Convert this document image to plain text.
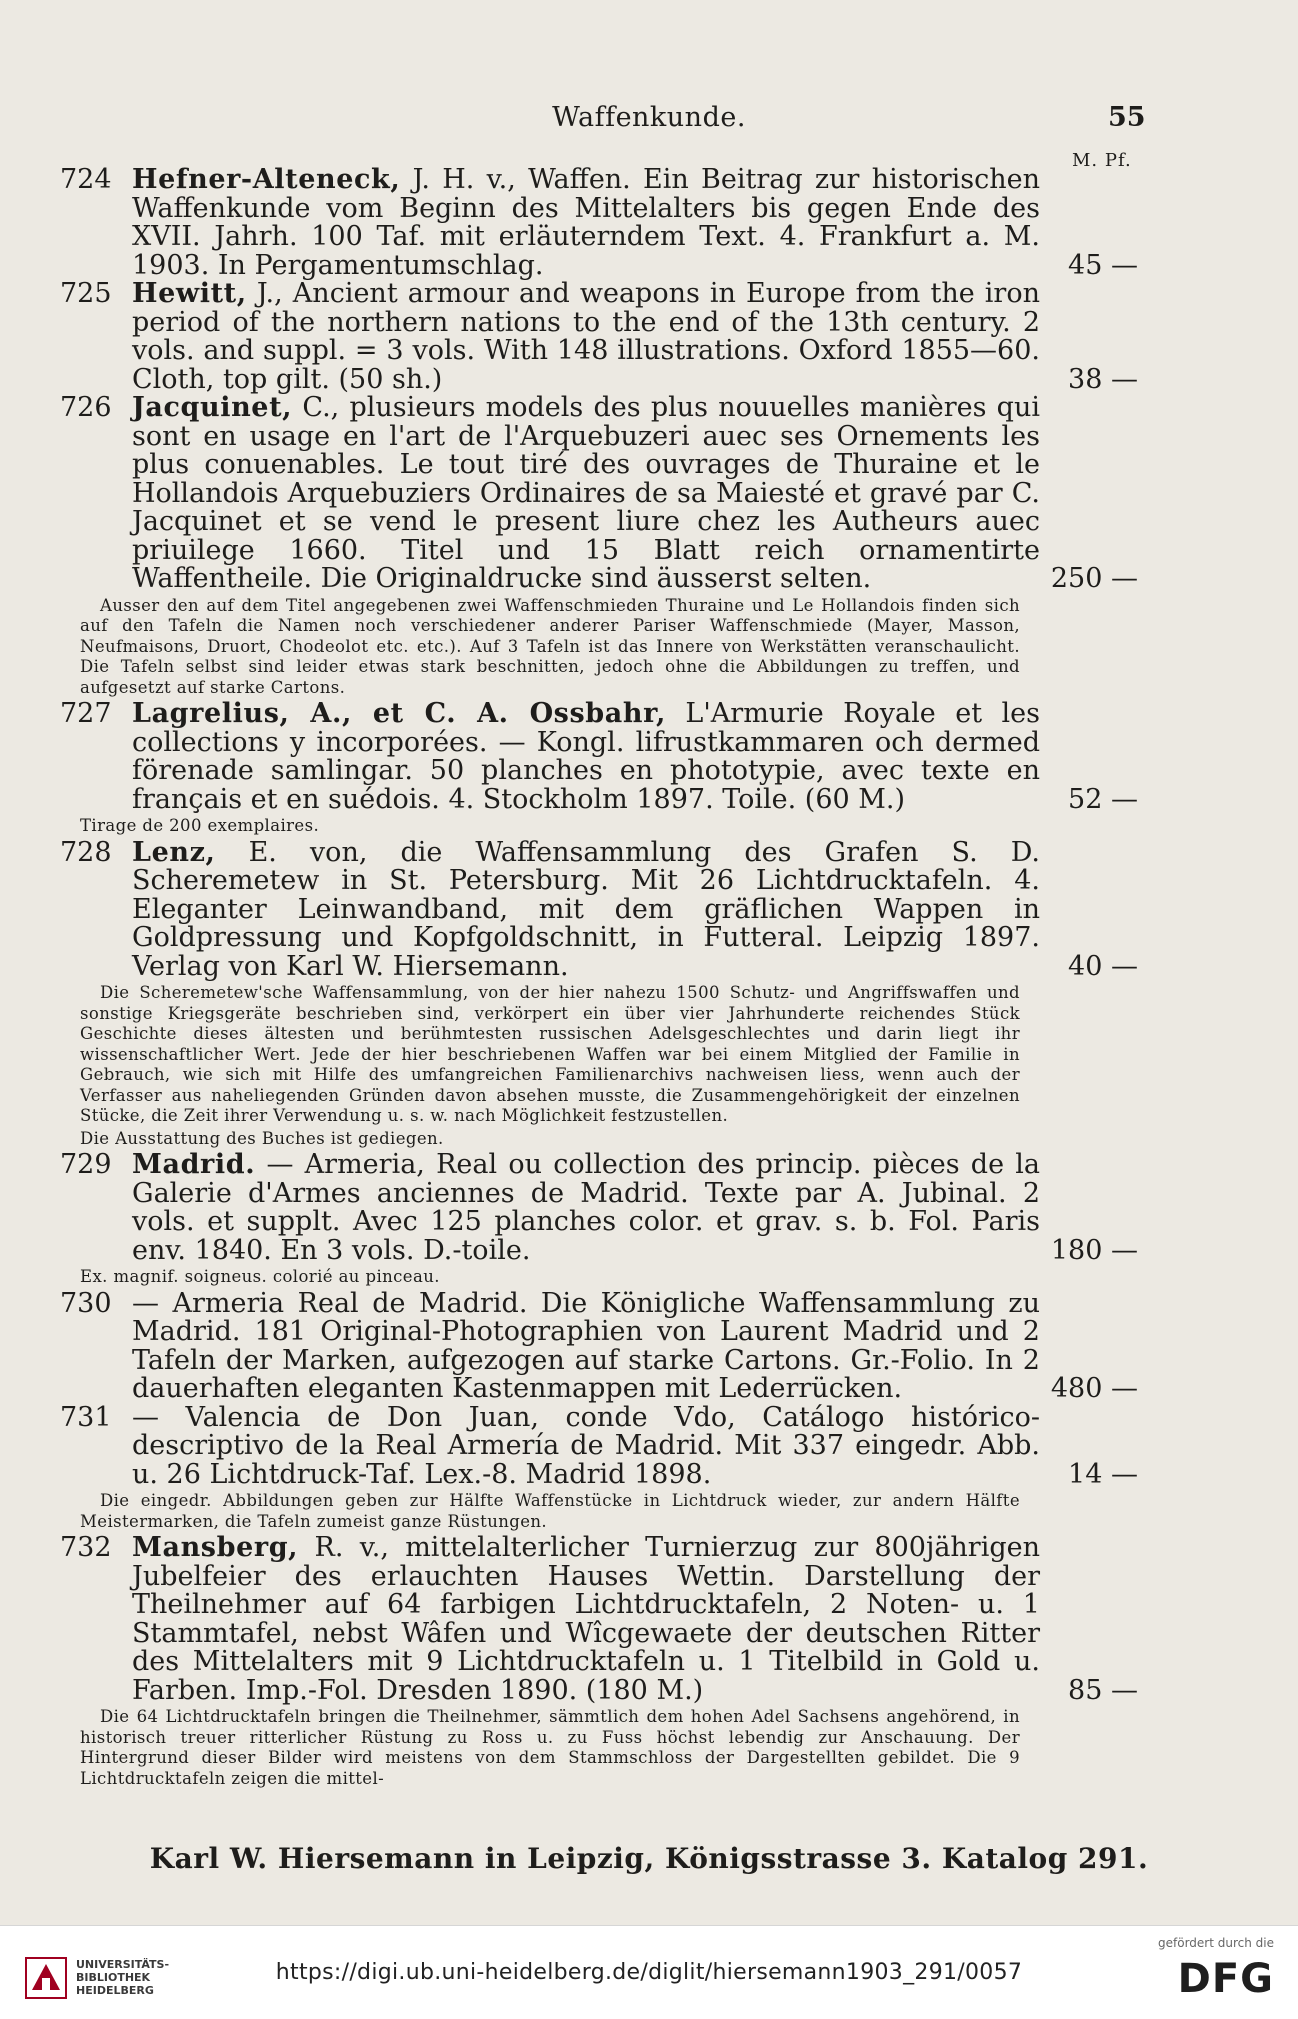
Waffenkunde.	55
M. Pf.
724 Hefner-Alteneck, J. H. v., Waffen. Ein Beitrag zur historischen Waffenkunde vom Beginn des Mittelalters bis gegen Ende des XVII. Jahrh. 100 Taf. mit erläuterndem Text. 4. Frankfurt a. M. 1903. In Pergamentumschlag.	45 —
725 Hewitt, J., Ancient armour and weapons in Europe from the iron period of the northern nations to the end of the 13th century. 2 vols. and suppl. = 3 vols. With 148 illustrations. Oxford 1855—60. Cloth, top gilt. (50 sh.)	38 —
726 Jacquinet, C., plusieurs models des plus nouuelles manières qui sont en usage en l'art de l'Arquebuzeri auec ses Ornements les plus conuenables. Le tout tiré des ouvrages de Thuraine et le Hollandois Arquebuziers Ordinaires de sa Maiesté et gravé par C. Jacquinet et se vend le present liure chez les Autheurs auec priuilege 1660. Titel und 15 Blatt reich ornamentirte Waffentheile. Die Originaldrucke sind äusserst selten.	250 —
Ausser den auf dem Titel angegebenen zwei Waffenschmieden Thuraine und Le Hollandois finden sich auf den Tafeln die Namen noch verschiedener anderer Pariser Waffenschmiede (Mayer, Masson, Neufmaisons, Druort, Chodeolot etc. etc.). Auf 3 Tafeln ist das Innere von Werkstätten veranschaulicht. Die Tafeln selbst sind leider etwas stark beschnitten, jedoch ohne die Abbildungen zu treffen, und aufgesetzt auf starke Cartons.
727 Lagrelius, A., et C. A. Ossbahr, L'Armurie Royale et les collections y incorporées. — Kongl. lifrustkammaren och dermed förenade samlingar. 50 planches en phototypie, avec texte en français et en suédois. 4. Stockholm 1897. Toile. (60 M.)	52 —
Tirage de 200 exemplaires.
728 Lenz, E. von, die Waffensammlung des Grafen S. D. Scheremetew in St. Petersburg. Mit 26 Lichtdrucktafeln. 4. Eleganter Leinwandband, mit dem gräflichen Wappen in Goldpressung und Kopfgoldschnitt, in Futteral. Leipzig 1897. Verlag von Karl W. Hiersemann.	40 —
Die Scheremetew'sche Waffensammlung, von der hier nahezu 1500 Schutz- und Angriffswaffen und sonstige Kriegsgeräte beschrieben sind, verkörpert ein über vier Jahrhunderte reichendes Stück Geschichte dieses ältesten und berühmtesten russischen Adelsgeschlechtes und darin liegt ihr wissenschaftlicher Wert. Jede der hier beschriebenen Waffen war bei einem Mitglied der Familie in Gebrauch, wie sich mit Hilfe des umfangreichen Familienarchivs nachweisen liess, wenn auch der Verfasser aus naheliegenden Gründen davon absehen musste, die Zusammengehörigkeit der einzelnen Stücke, die Zeit ihrer Verwendung u. s. w. nach Möglichkeit festzustellen.
Die Ausstattung des Buches ist gediegen.
729 Madrid. — Armeria, Real ou collection des princip. pièces de la Galerie d'Armes anciennes de Madrid. Texte par A. Jubinal. 2 vols. et supplt. Avec 125 planches color. et grav. s. b. Fol. Paris env. 1840. En 3 vols. D.-toile.	180 —
Ex. magnif. soigneus. colorié au pinceau.
730 — Armeria Real de Madrid. Die Königliche Waffensammlung zu Madrid. 181 Original-Photographien von Laurent Madrid und 2 Tafeln der Marken, aufgezogen auf starke Cartons. Gr.-Folio. In 2 dauerhaften eleganten Kastenmappen mit Lederrücken.	480 —
731 — Valencia de Don Juan, conde Vdo, Catálogo histórico-descriptivo de la Real Armería de Madrid. Mit 337 eingedr. Abb. u. 26 Lichtdruck-Taf. Lex.-8. Madrid 1898.	14 —
Die eingedr. Abbildungen geben zur Hälfte Waffenstücke in Lichtdruck wieder, zur andern Hälfte Meistermarken, die Tafeln zumeist ganze Rüstungen.
732 Mansberg, R. v., mittelalterlicher Turnierzug zur 800jährigen Jubelfeier des erlauchten Hauses Wettin. Darstellung der Theilnehmer auf 64 farbigen Lichtdrucktafeln, 2 Noten- u. 1 Stammtafel, nebst Wâfen und Wîcgewaete der deutschen Ritter des Mittelalters mit 9 Lichtdrucktafeln u. 1 Titelbild in Gold u. Farben. Imp.-Fol. Dresden 1890. (180 M.)	85 —
Die 64 Lichtdrucktafeln bringen die Theilnehmer, sämmtlich dem hohen Adel Sachsens angehörend, in historisch treuer ritterlicher Rüstung zu Ross u. zu Fuss höchst lebendig zur Anschauung. Der Hintergrund dieser Bilder wird meistens von dem Stammschloss der Dargestellten gebildet. Die 9 Lichtdrucktafeln zeigen die mittel-
Karl W. Hiersemann in Leipzig, Königsstrasse 3. Katalog 291.
UNIVERSITÄTS-
BIBLIOTHEK
HEIDELBERG
https://digi.ub.uni-heidelberg.de/diglit/hiersemann1903_291/0057
gefördert durch die
DFG
